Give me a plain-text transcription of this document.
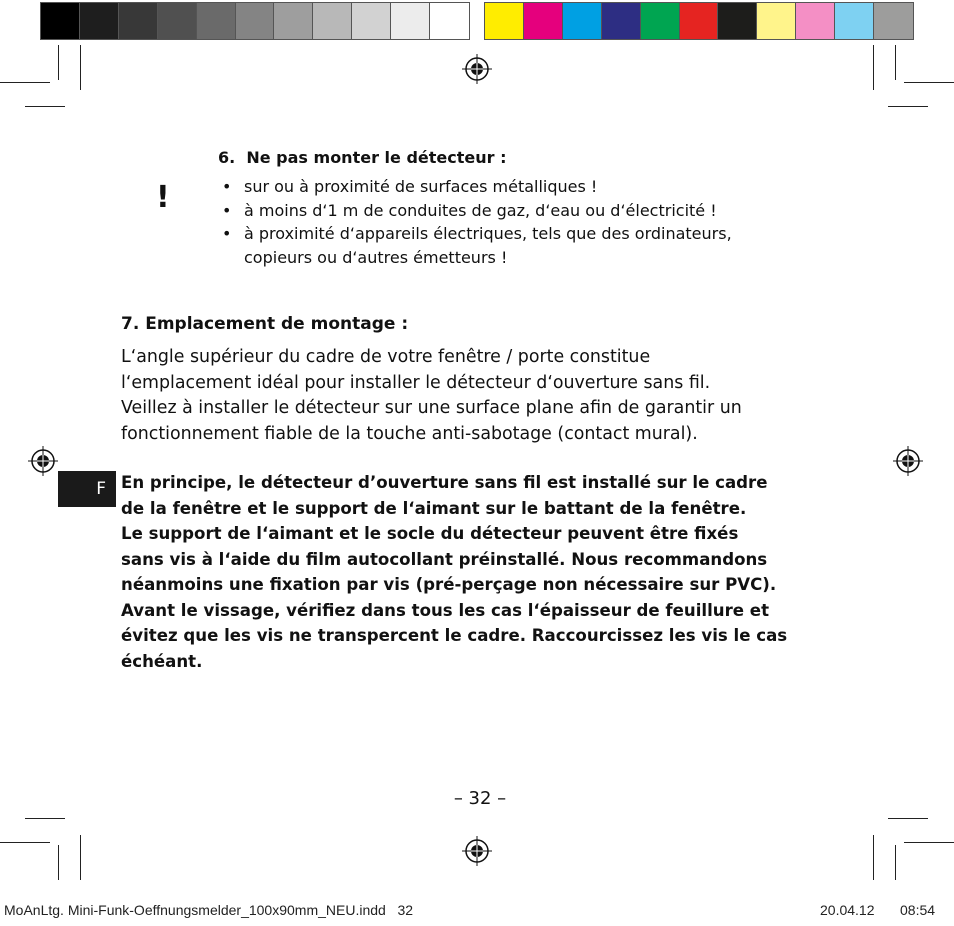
6. Ne pas monter le détecteur :
!	• sur ou à proximité de surfaces métalliques !
• à moins d‘1 m de conduites de gaz, d‘eau ou d‘électricité !
• à proximité d‘appareils électriques, tels que des ordinateurs,
copieurs ou d‘autres émetteurs !
7. Emplacement de montage :
L‘angle supérieur du cadre de votre fenêtre / porte constitue
l‘emplacement idéal pour installer le détecteur d‘ouverture sans fil.
Veillez à installer le détecteur sur une surface plane afin de garantir un
fonctionnement fiable de la touche anti-sabotage (contact mural).
F En principe, le détecteur d’ouverture sans fil est installé sur le cadre
de la fenêtre et le support de l‘aimant sur le battant de la fenêtre.
Le support de l‘aimant et le socle du détecteur peuvent être fixés
sans vis à l‘aide du film autocollant préinstallé. Nous recommandons
néanmoins une fixation par vis (pré-perçage non nécessaire sur PVC).
Avant le vissage, vérifiez dans tous les cas l‘épaisseur de feuillure et
évitez que les vis ne transpercent le cadre. Raccourcissez les vis le cas
échéant.
– 32 –
MoAnLtg. Mini-Funk-Oeffnungsmelder_100x90mm_NEU.indd   32	20.04.12 08:54
